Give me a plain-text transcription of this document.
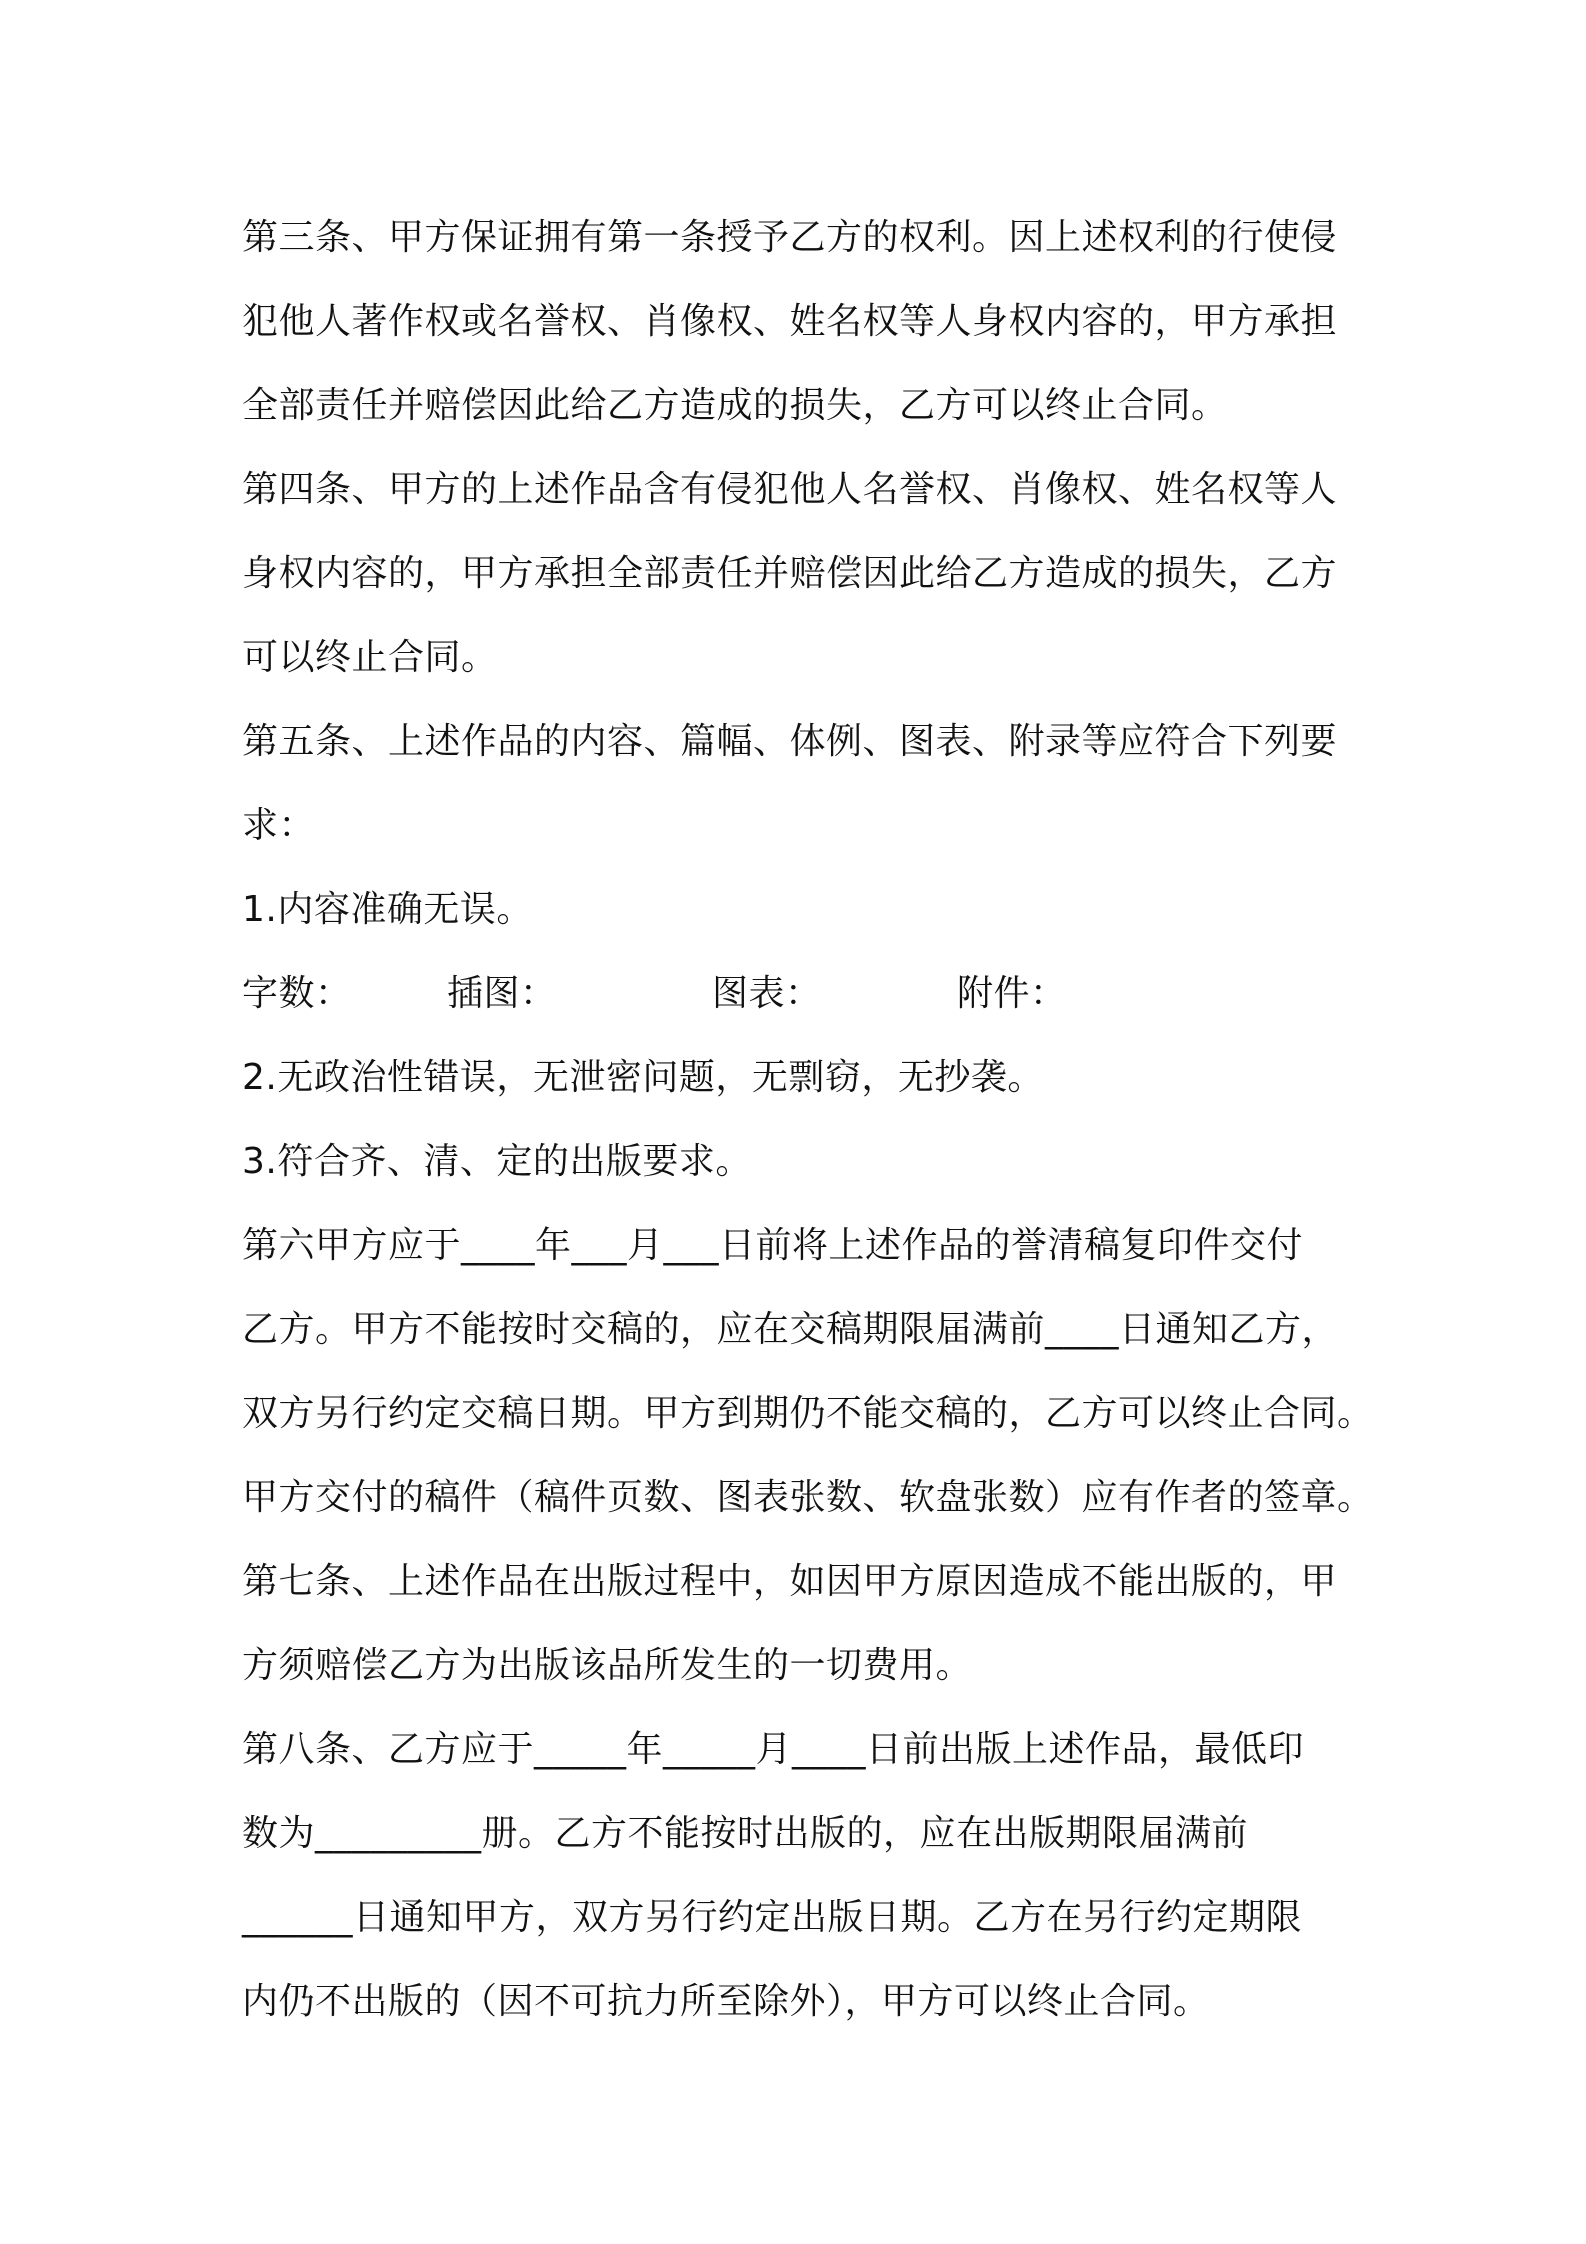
第三条、甲方保证拥有第一条授予乙方的权利。因上述权利的行使侵
犯他人著作权或名誉权、肖像权、姓名权等人身权内容的，甲方承担
全部责任并赔偿因此给乙方造成的损失，乙方可以终止合同。
第四条、甲方的上述作品含有侵犯他人名誉权、肖像权、姓名权等人
身权内容的，甲方承担全部责任并赔偿因此给乙方造成的损失，乙方
可以终止合同。
第五条、上述作品的内容、篇幅、体例、图表、附录等应符合下列要
求：
1.内容准确无误。
字数：	插图：	图表：	附件：
2.无政治性错误，无泄密问题，无剽窃，无抄袭。
3.符合齐、清、定的出版要求。
第六甲方应于____年___月___日前将上述作品的誉清稿复印件交付
乙方。甲方不能按时交稿的，应在交稿期限届满前____日通知乙方，
双方另行约定交稿日期。甲方到期仍不能交稿的，乙方可以终止合同。
甲方交付的稿件（稿件页数、图表张数、软盘张数）应有作者的签章。
第七条、上述作品在出版过程中，如因甲方原因造成不能出版的，甲
方须赔偿乙方为出版该品所发生的一切费用。
第八条、乙方应于_____年_____月____日前出版上述作品，最低印
数为_________册。乙方不能按时出版的，应在出版期限届满前
______日通知甲方，双方另行约定出版日期。乙方在另行约定期限
内仍不出版的（因不可抗力所至除外），甲方可以终止合同。
